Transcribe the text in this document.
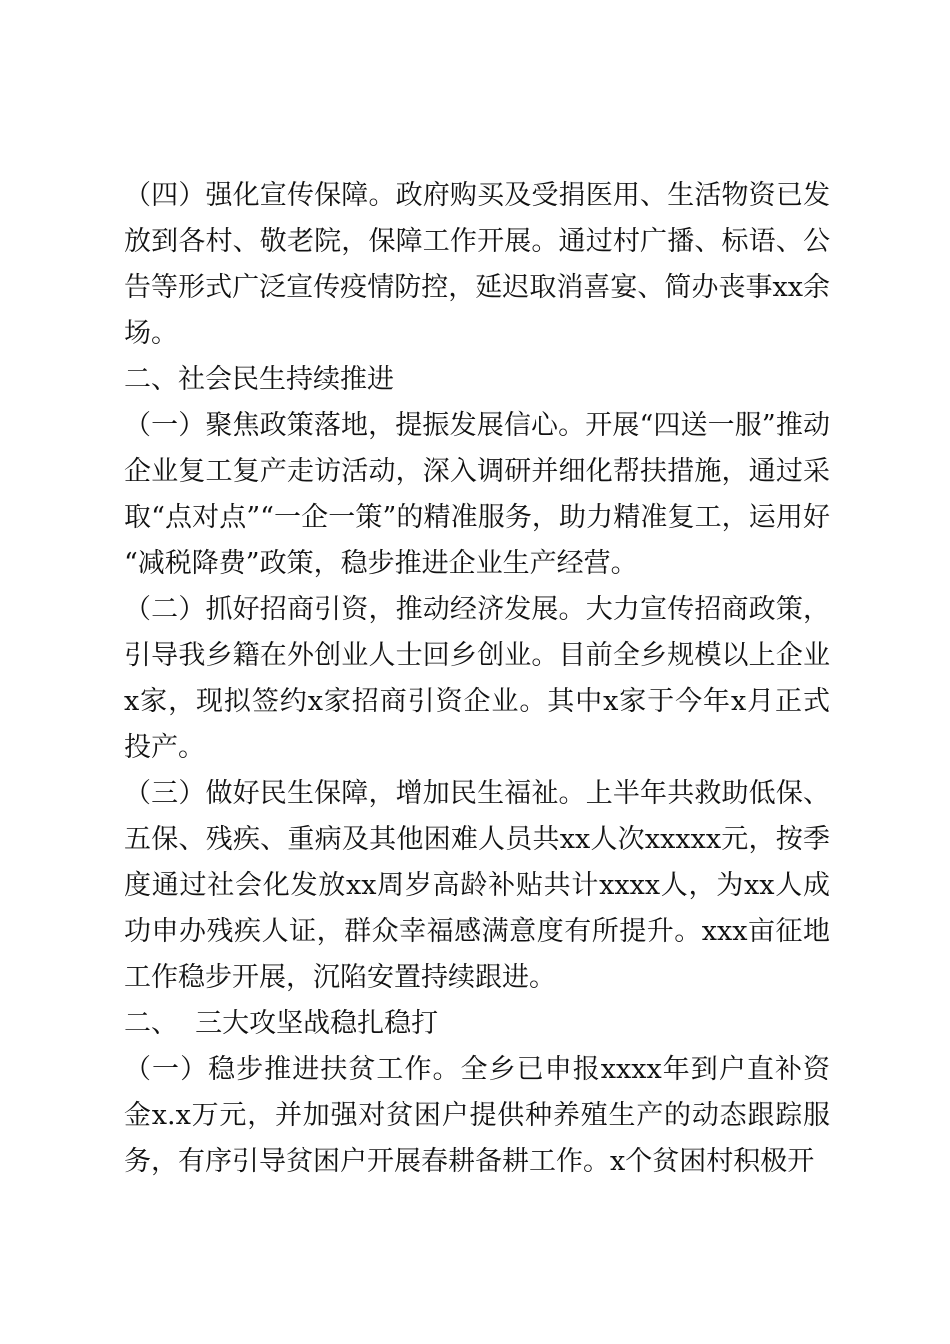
（四）强化宣传保障。政府购买及受捐医用、生活物资已发放到各村、敬老院，保障工作开展。通过村广播、标语、公告等形式广泛宣传疫情防控，延迟取消喜宴、简办丧事xx余场。

二、社会民生持续推进

（一）聚焦政策落地，提振发展信心。开展“四送一服”推动企业复工复产走访活动，深入调研并细化帮扶措施，通过采取“点对点”“一企一策”的精准服务，助力精准复工，运用好“减税降费”政策，稳步推进企业生产经营。

（二）抓好招商引资，推动经济发展。大力宣传招商政策，引导我乡籍在外创业人士回乡创业。目前全乡规模以上企业x家，现拟签约x家招商引资企业。其中x家于今年x月正式投产。

（三）做好民生保障，增加民生福祉。上半年共救助低保、五保、残疾、重病及其他困难人员共xx人次xxxxx元，按季度通过社会化发放xx周岁高龄补贴共计xxxx人，为xx人成功申办残疾人证，群众幸福感满意度有所提升。xxx亩征地工作稳步开展，沉陷安置持续跟进。

二、  三大攻坚战稳扎稳打

（一）稳步推进扶贫工作。全乡已申报xxxx年到户直补资金x.x万元，并加强对贫困户提供种养殖生产的动态跟踪服务，有序引导贫困户开展春耕备耕工作。x个贫困村积极开
